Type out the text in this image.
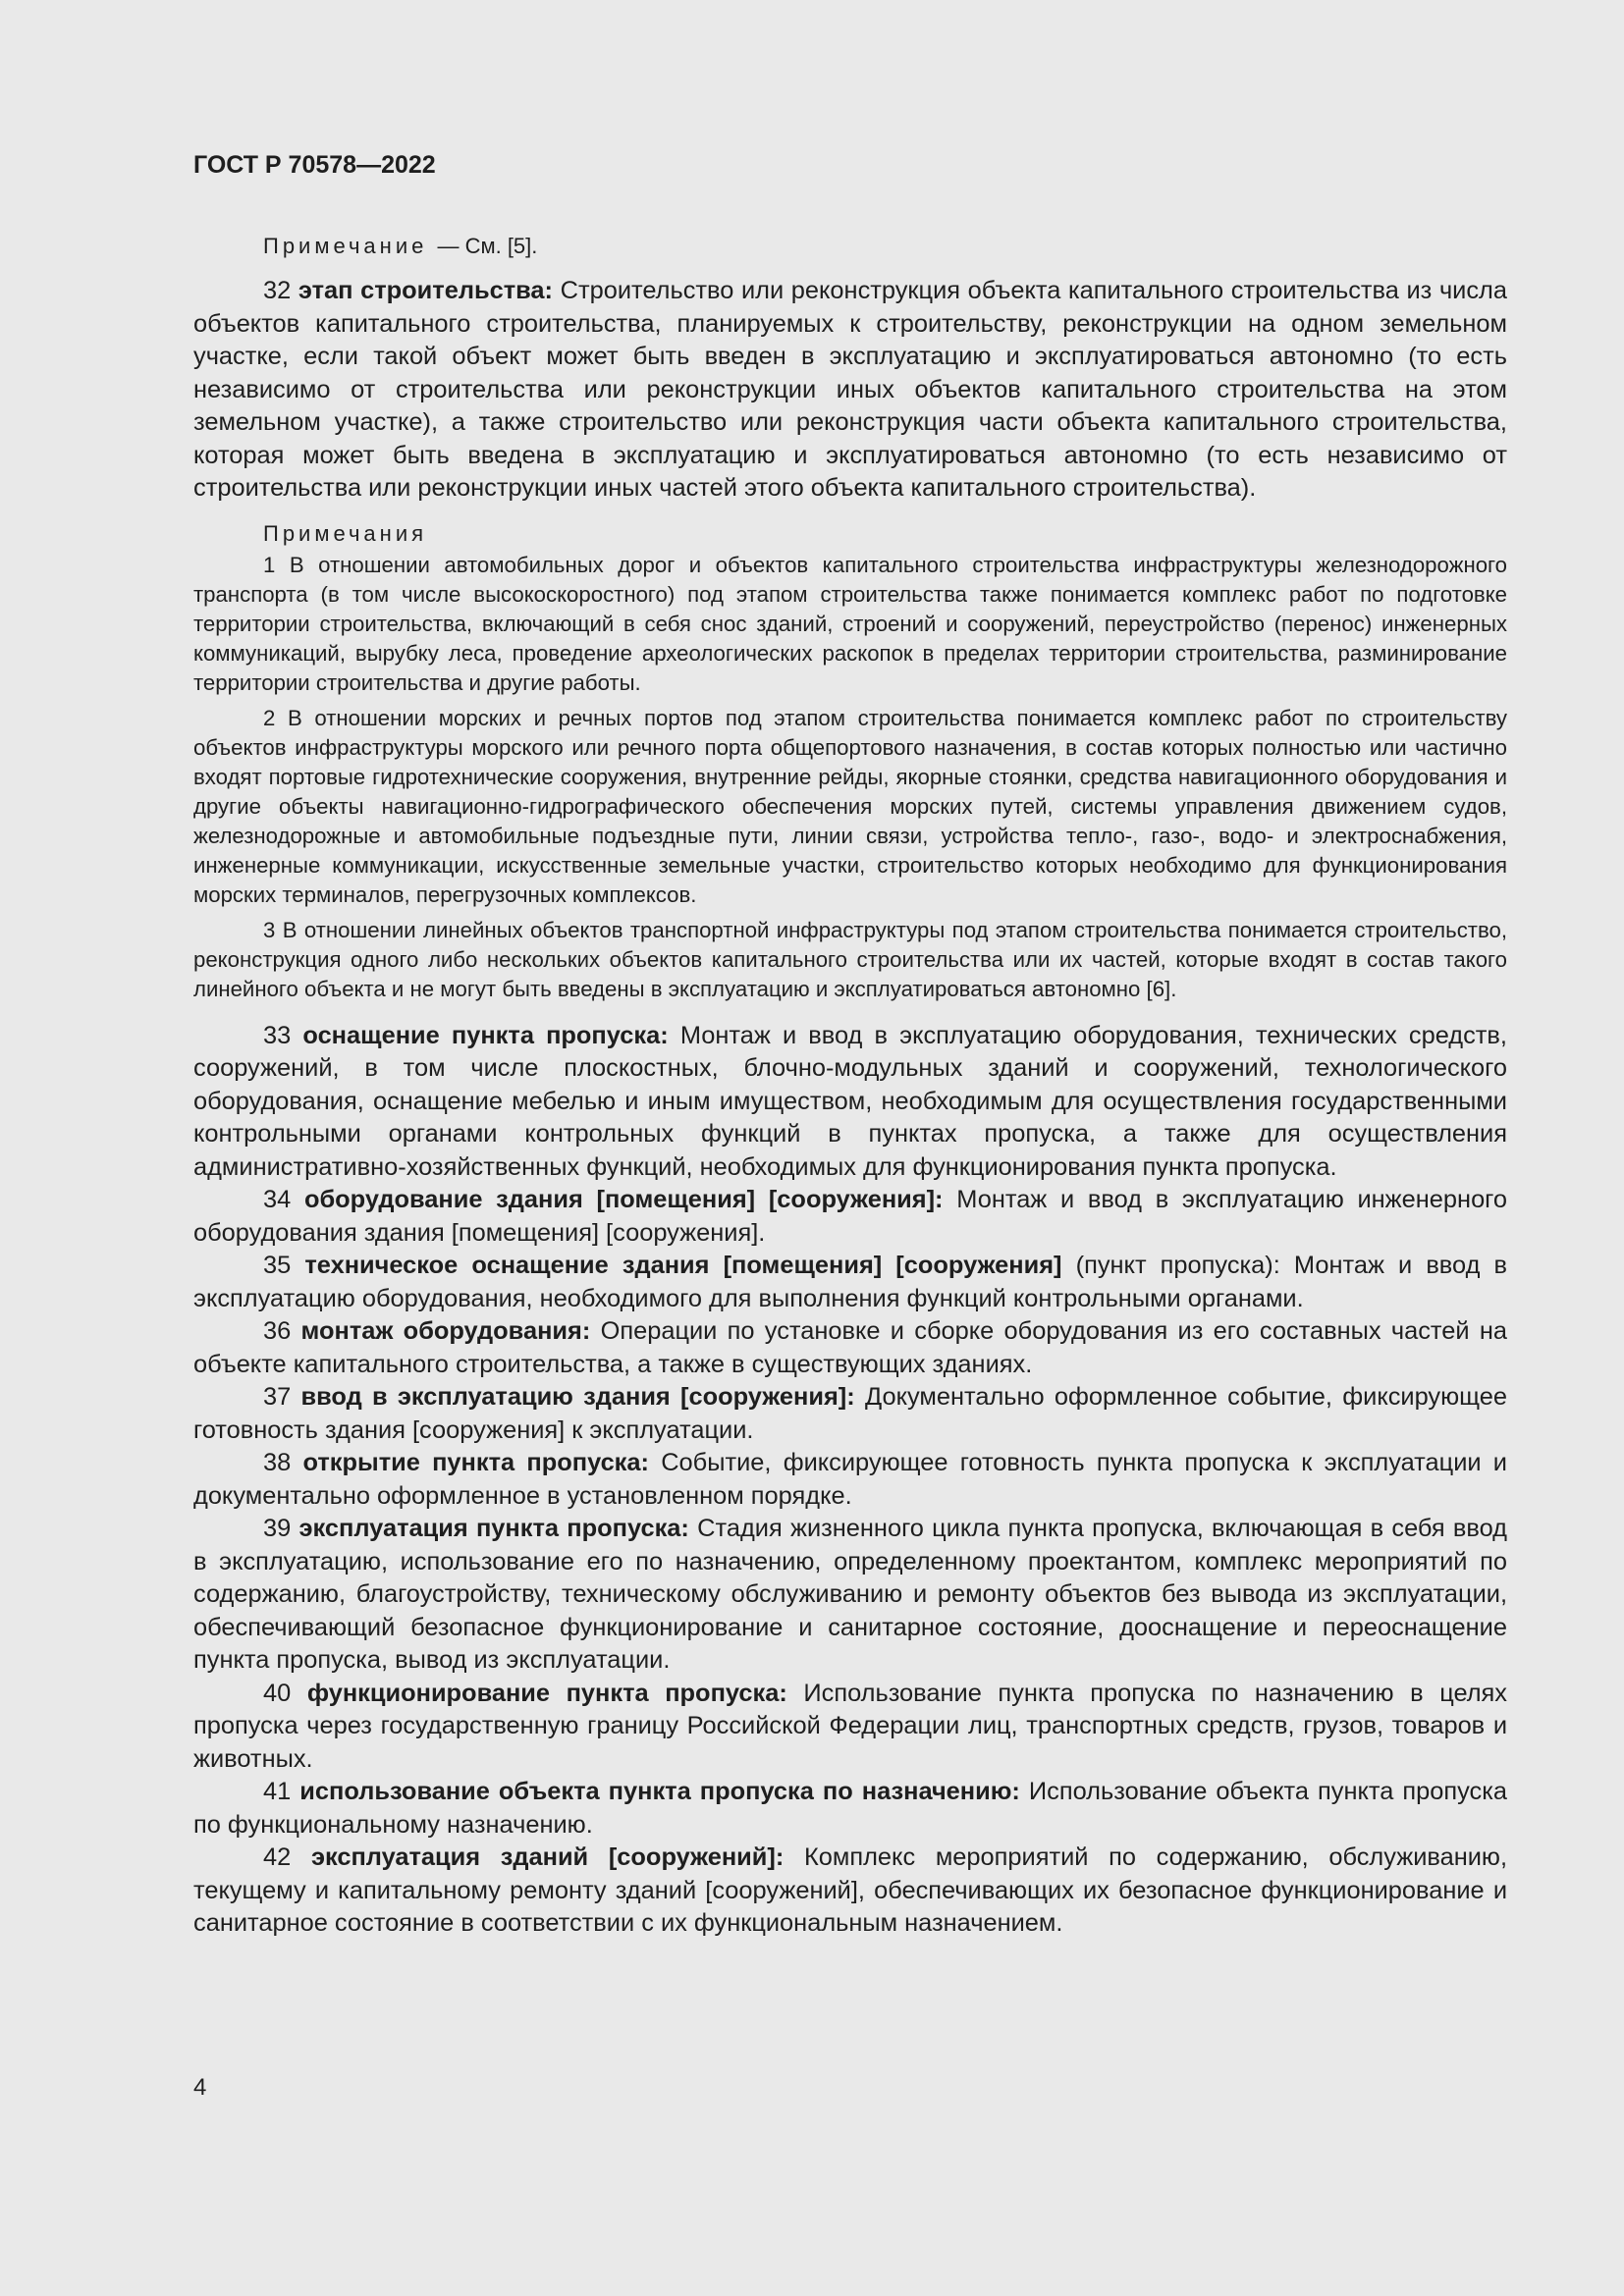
ГОСТ Р 70578—2022
Примечание — См. [5].

32 этап строительства: Строительство или реконструкция объекта капитального строительства из числа объектов капитального строительства, планируемых к строительству, реконструкции на одном земельном участке, если такой объект может быть введен в эксплуатацию и эксплуатироваться автономно (то есть независимо от строительства или реконструкции иных объектов капитального строительства на этом земельном участке), а также строительство или реконструкция части объекта капитального строительства, которая может быть введена в эксплуатацию и эксплуатироваться автономно (то есть независимо от строительства или реконструкции иных частей этого объекта капитального строительства).

Примечания

1 В отношении автомобильных дорог и объектов капитального строительства инфраструктуры железнодорожного транспорта (в том числе высокоскоростного) под этапом строительства также понимается комплекс работ по подготовке территории строительства, включающий в себя снос зданий, строений и сооружений, переустройство (перенос) инженерных коммуникаций, вырубку леса, проведение археологических раскопок в пределах территории строительства, разминирование территории строительства и другие работы.

2 В отношении морских и речных портов под этапом строительства понимается комплекс работ по строительству объектов инфраструктуры морского или речного порта общепортового назначения, в состав которых полностью или частично входят портовые гидротехнические сооружения, внутренние рейды, якорные стоянки, средства навигационного оборудования и другие объекты навигационно-гидрографического обеспечения морских путей, системы управления движением судов, железнодорожные и автомобильные подъездные пути, линии связи, устройства тепло-, газо-, водо- и электроснабжения, инженерные коммуникации, искусственные земельные участки, строительство которых необходимо для функционирования морских терминалов, перегрузочных комплексов.

3 В отношении линейных объектов транспортной инфраструктуры под этапом строительства понимается строительство, реконструкция одного либо нескольких объектов капитального строительства или их частей, которые входят в состав такого линейного объекта и не могут быть введены в эксплуатацию и эксплуатироваться автономно [6].

33 оснащение пункта пропуска: Монтаж и ввод в эксплуатацию оборудования, технических средств, сооружений, в том числе плоскостных, блочно-модульных зданий и сооружений, технологического оборудования, оснащение мебелью и иным имуществом, необходимым для осуществления государственными контрольными органами контрольных функций в пунктах пропуска, а также для осуществления административно-хозяйственных функций, необходимых для функционирования пункта пропуска.

34 оборудование здания [помещения] [сооружения]: Монтаж и ввод в эксплуатацию инженерного оборудования здания [помещения] [сооружения].

35 техническое оснащение здания [помещения] [сооружения] (пункт пропуска): Монтаж и ввод в эксплуатацию оборудования, необходимого для выполнения функций контрольными органами.

36 монтаж оборудования: Операции по установке и сборке оборудования из его составных частей на объекте капитального строительства, а также в существующих зданиях.

37 ввод в эксплуатацию здания [сооружения]: Документально оформленное событие, фиксирующее готовность здания [сооружения] к эксплуатации.

38 открытие пункта пропуска: Событие, фиксирующее готовность пункта пропуска к эксплуатации и документально оформленное в установленном порядке.

39 эксплуатация пункта пропуска: Стадия жизненного цикла пункта пропуска, включающая в себя ввод в эксплуатацию, использование его по назначению, определенному проектантом, комплекс мероприятий по содержанию, благоустройству, техническому обслуживанию и ремонту объектов без вывода из эксплуатации, обеспечивающий безопасное функционирование и санитарное состояние, дооснащение и переоснащение пункта пропуска, вывод из эксплуатации.

40 функционирование пункта пропуска: Использование пункта пропуска по назначению в целях пропуска через государственную границу Российской Федерации лиц, транспортных средств, грузов, товаров и животных.

41 использование объекта пункта пропуска по назначению: Использование объекта пункта пропуска по функциональному назначению.

42 эксплуатация зданий [сооружений]: Комплекс мероприятий по содержанию, обслуживанию, текущему и капитальному ремонту зданий [сооружений], обеспечивающих их безопасное функционирование и санитарное состояние в соответствии с их функциональным назначением.

4
